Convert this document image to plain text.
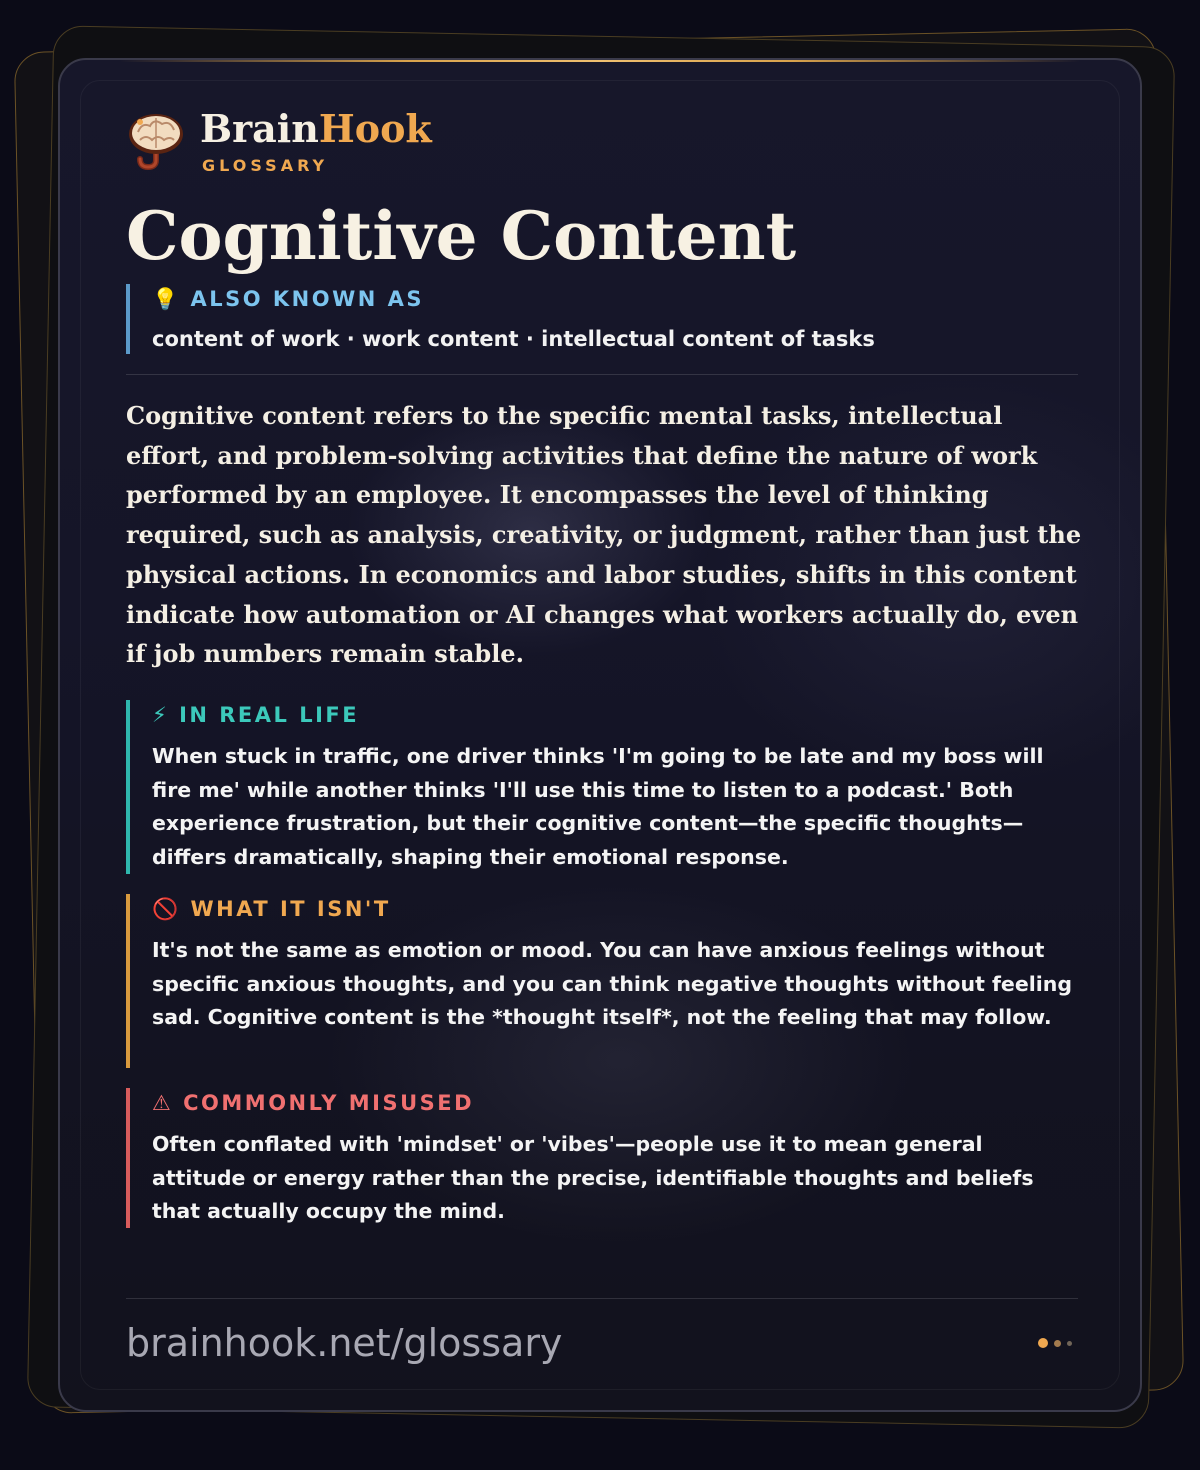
BrainHook
GLOSSARY
Cognitive Content
💡 ALSO KNOWN AS
content of work · work content · intellectual content of tasks

Cognitive content refers to the specific mental tasks, intellectual effort, and problem-solving activities that define the nature of work performed by an employee. It encompasses the level of thinking required, such as analysis, creativity, or judgment, rather than just the physical actions. In economics and labor studies, shifts in this content indicate how automation or AI changes what workers actually do, even if job numbers remain stable.

⚡ IN REAL LIFE
When stuck in traffic, one driver thinks 'I'm going to be late and my boss will fire me' while another thinks 'I'll use this time to listen to a podcast.' Both experience frustration, but their cognitive content—the specific thoughts—differs dramatically, shaping their emotional response.
🚫 WHAT IT ISN'T
It's not the same as emotion or mood. You can have anxious feelings without specific anxious thoughts, and you can think negative thoughts without feeling sad. Cognitive content is the *thought itself*, not the feeling that may follow.
⚠ COMMONLY MISUSED
Often conflated with 'mindset' or 'vibes'—people use it to mean general attitude or energy rather than the precise, identifiable thoughts and beliefs that actually occupy the mind.
brainhook.net/glossary
